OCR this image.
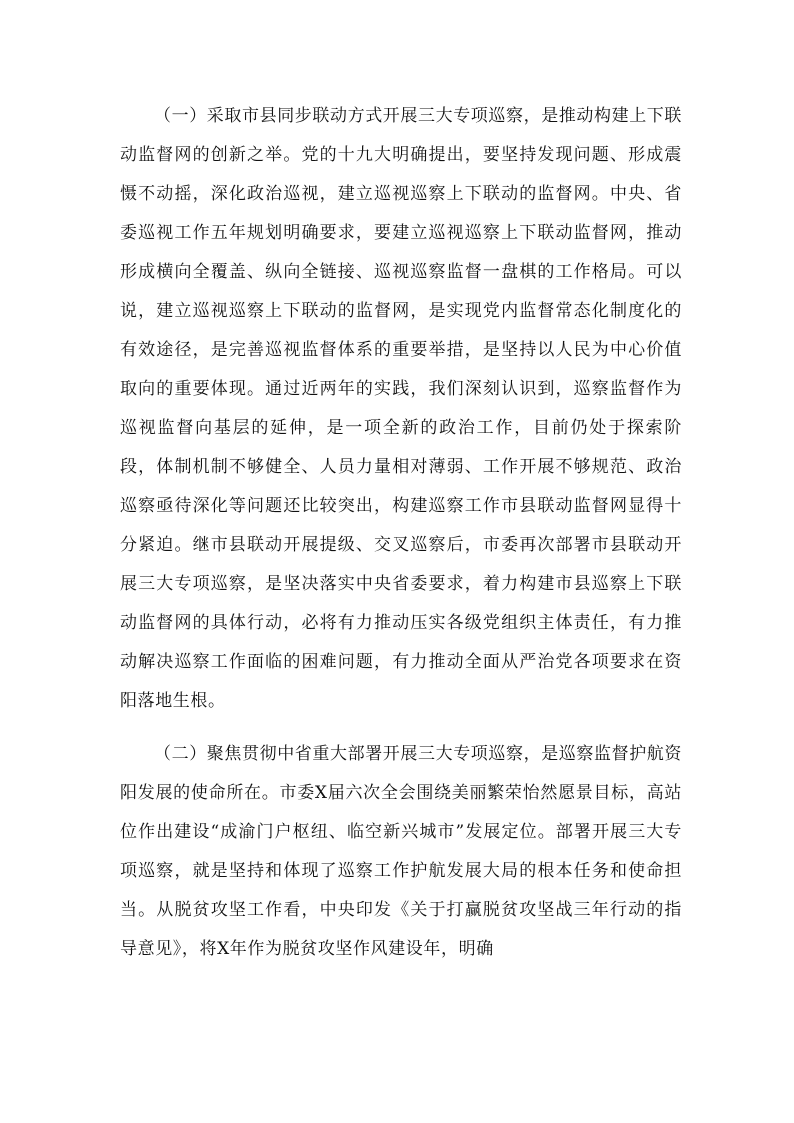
（一）采取市县同步联动方式开展三大专项巡察，是推动构建上下联动监督网的创新之举。党的十九大明确提出，要坚持发现问题、形成震慑不动摇，深化政治巡视，建立巡视巡察上下联动的监督网。中央、省委巡视工作五年规划明确要求，要建立巡视巡察上下联动监督网，推动形成横向全覆盖、纵向全链接、巡视巡察监督一盘棋的工作格局。可以说，建立巡视巡察上下联动的监督网，是实现党内监督常态化制度化的有效途径，是完善巡视监督体系的重要举措，是坚持以人民为中心价值取向的重要体现。通过近两年的实践，我们深刻认识到，巡察监督作为巡视监督向基层的延伸，是一项全新的政治工作，目前仍处于探索阶段，体制机制不够健全、人员力量相对薄弱、工作开展不够规范、政治巡察亟待深化等问题还比较突出，构建巡察工作市县联动监督网显得十分紧迫。继市县联动开展提级、交叉巡察后，市委再次部署市县联动开展三大专项巡察，是坚决落实中央省委要求，着力构建市县巡察上下联动监督网的具体行动，必将有力推动压实各级党组织主体责任，有力推动解决巡察工作面临的困难问题，有力推动全面从严治党各项要求在资阳落地生根。

（二）聚焦贯彻中省重大部署开展三大专项巡察，是巡察监督护航资阳发展的使命所在。市委X届六次全会围绕美丽繁荣怡然愿景目标，高站位作出建设“成渝门户枢纽、临空新兴城市”发展定位。部署开展三大专项巡察，就是坚持和体现了巡察工作护航发展大局的根本任务和使命担当。从脱贫攻坚工作看，中央印发《关于打赢脱贫攻坚战三年行动的指导意见》，将X年作为脱贫攻坚作风建设年，明确
